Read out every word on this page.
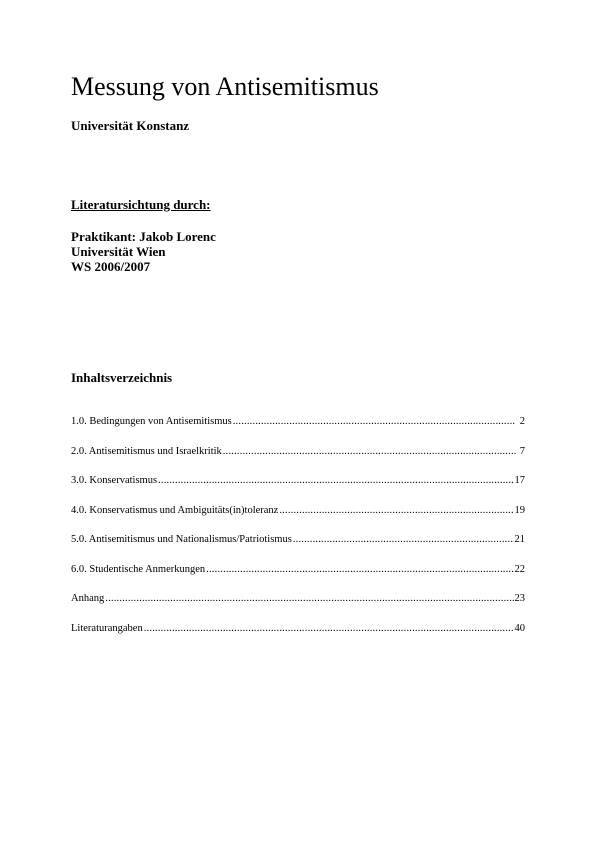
Messung von Antisemitismus
Universität Konstanz
Literatursichtung durch:
Praktikant: Jakob Lorenc
Universität Wien
WS 2006/2007
Inhaltsverzeichnis
1.0. Bedingungen von Antisemitismus .....	2
2.0. Antisemitismus und Israelkritik .....	7
3.0. Konservatismus .....	17
4.0. Konservatismus und Ambiguitäts(in)toleranz .....	19
5.0. Antisemitismus und Nationalismus/Patriotismus .....	21
6.0. Studentische Anmerkungen .....	22
Anhang .....	23
Literaturangaben .....	40
